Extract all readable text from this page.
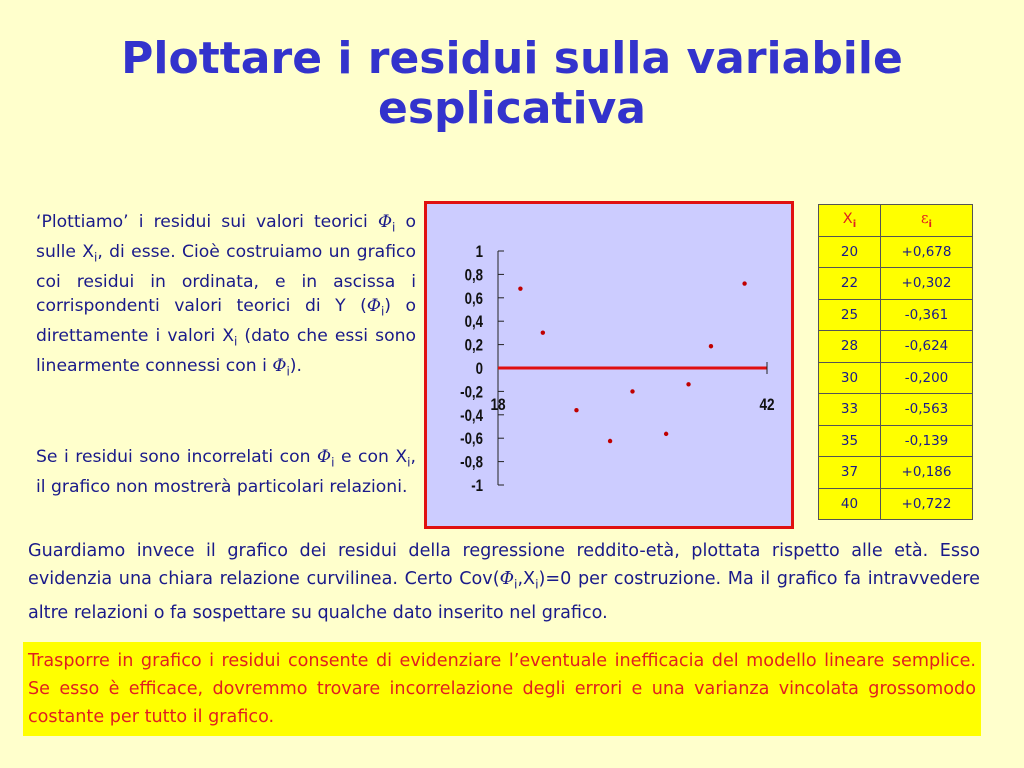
Plottare i residui sulla variabile esplicativa

‘Plottiamo’ i residui sui valori teorici $\Phi_i$ o sulle $X_i$, di esse. Cioè costruiamo un grafico coi residui in ordinata, e in ascissa i corrispondenti valori teorici di Y $(\Phi_i)$ o direttamente i valori $X_i$ (dato che essi sono linearmente connessi con i $\Phi_i$).

Se i residui sono incorrelati con $\Phi_i$ e con $X_i$, il grafico non mostrerà particolari relazioni.

1
0,8
0,6
0,4
0,2
0
-0,2
-0,4
-0,6
-0,8
-1
18	42
$X_i$	$\varepsilon_i$
20	+0,678
22	+0,302
25	-0,361
28	-0,624
30	-0,200
33	-0,563
35	-0,139
37	+0,186
40	+0,722

Guardiamo invece il grafico dei residui della regressione reddito-età, plottata rispetto alle età. Esso evidenzia una chiara relazione curvilinea. Certo $Cov(\Phi_i,X_i)=0$ per costruzione. Ma il grafico fa intravvedere altre relazioni o fa sospettare su qualche dato inserito nel grafico.

Trasporre in grafico i residui consente di evidenziare l’eventuale inefficacia del modello lineare semplice. Se esso è efficace, dovremmo trovare incorrelazione degli errori e una varianza vincolata grossomodo costante per tutto il grafico.
